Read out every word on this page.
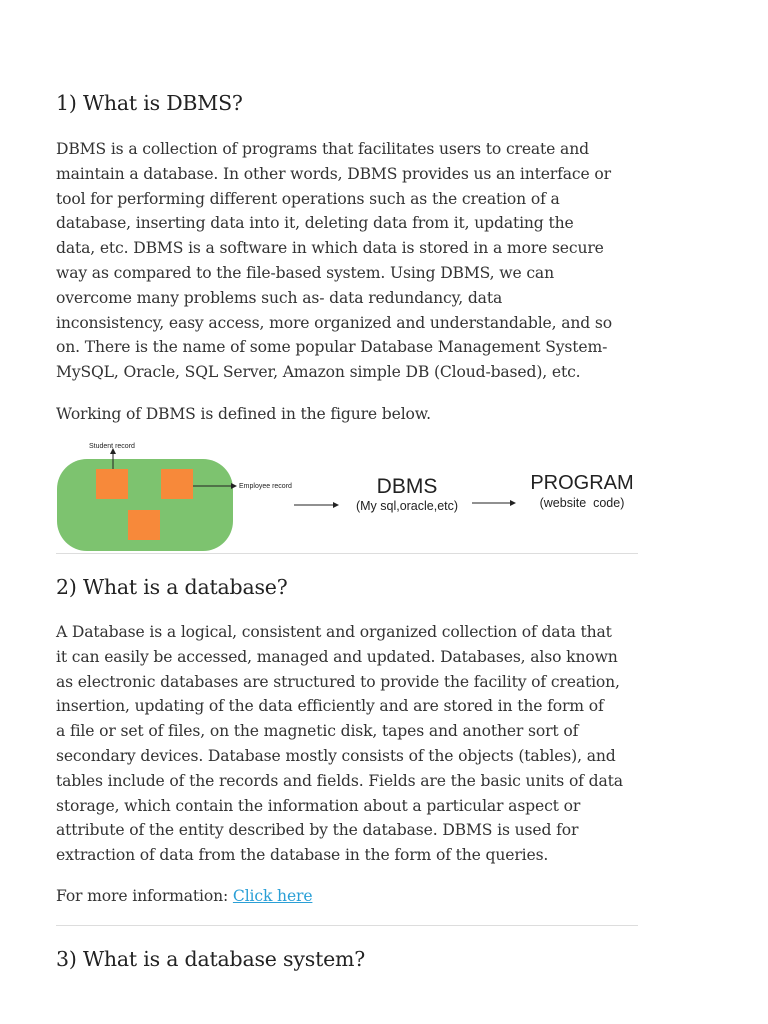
1) What is DBMS?

DBMS is a collection of programs that facilitates users to create and

maintain a database. In other words, DBMS provides us an interface or

tool for performing different operations such as the creation of a

database, inserting data into it, deleting data from it, updating the

data, etc. DBMS is a software in which data is stored in a more secure

way as compared to the file-based system. Using DBMS, we can

overcome many problems such as- data redundancy, data

inconsistency, easy access, more organized and understandable, and so

on. There is the name of some popular Database Management System-

MySQL, Oracle, SQL Server, Amazon simple DB (Cloud-based), etc.

Working of DBMS is defined in the figure below.

Student record
Employee record	DBMS
(My sql,oracle,etc)
PROGRAM
(website  code)
2) What is a database?

A Database is a logical, consistent and organized collection of data that

it can easily be accessed, managed and updated. Databases, also known

as electronic databases are structured to provide the facility of creation,

insertion, updating of the data efficiently and are stored in the form of

a file or set of files, on the magnetic disk, tapes and another sort of

secondary devices. Database mostly consists of the objects (tables), and

tables include of the records and fields. Fields are the basic units of data

storage, which contain the information about a particular aspect or

attribute of the entity described by the database. DBMS is used for

extraction of data from the database in the form of the queries.

For more information: Click here

3) What is a database system?
